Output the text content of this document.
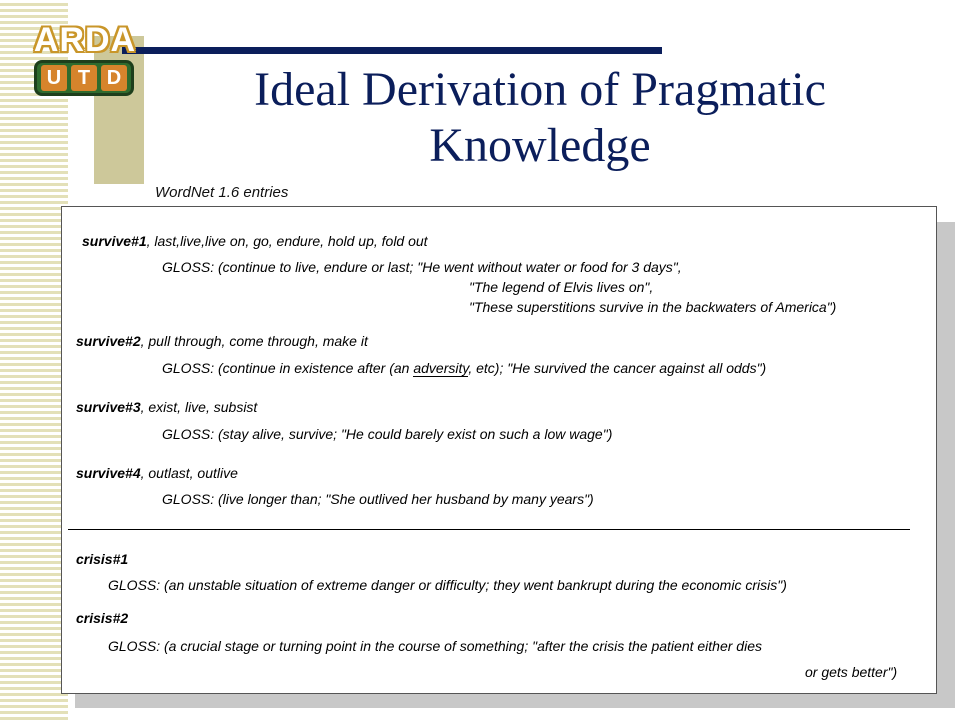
ARDA
U T D	Ideal Derivation of Pragmatic
Knowledge
WordNet 1.6 entries
survive#1, last,live,live on, go, endure, hold up, fold out
GLOSS: (continue to live, endure or last; "He went without water or food for 3 days",
"The legend of Elvis lives on",
"These superstitions survive in the backwaters of America")
survive#2, pull through, come through, make it
GLOSS: (continue in existence after (an adversity, etc); "He survived the cancer against all odds")
survive#3, exist, live, subsist
GLOSS: (stay alive, survive; "He could barely exist on such a low wage")
survive#4, outlast, outlive
GLOSS: (live longer than; "She outlived her husband by many years")
crisis#1
GLOSS: (an unstable situation of extreme danger or difficulty; they went bankrupt during the economic crisis")
crisis#2
GLOSS: (a crucial stage or turning point in the course of something; "after the crisis the patient either dies
or gets better")
